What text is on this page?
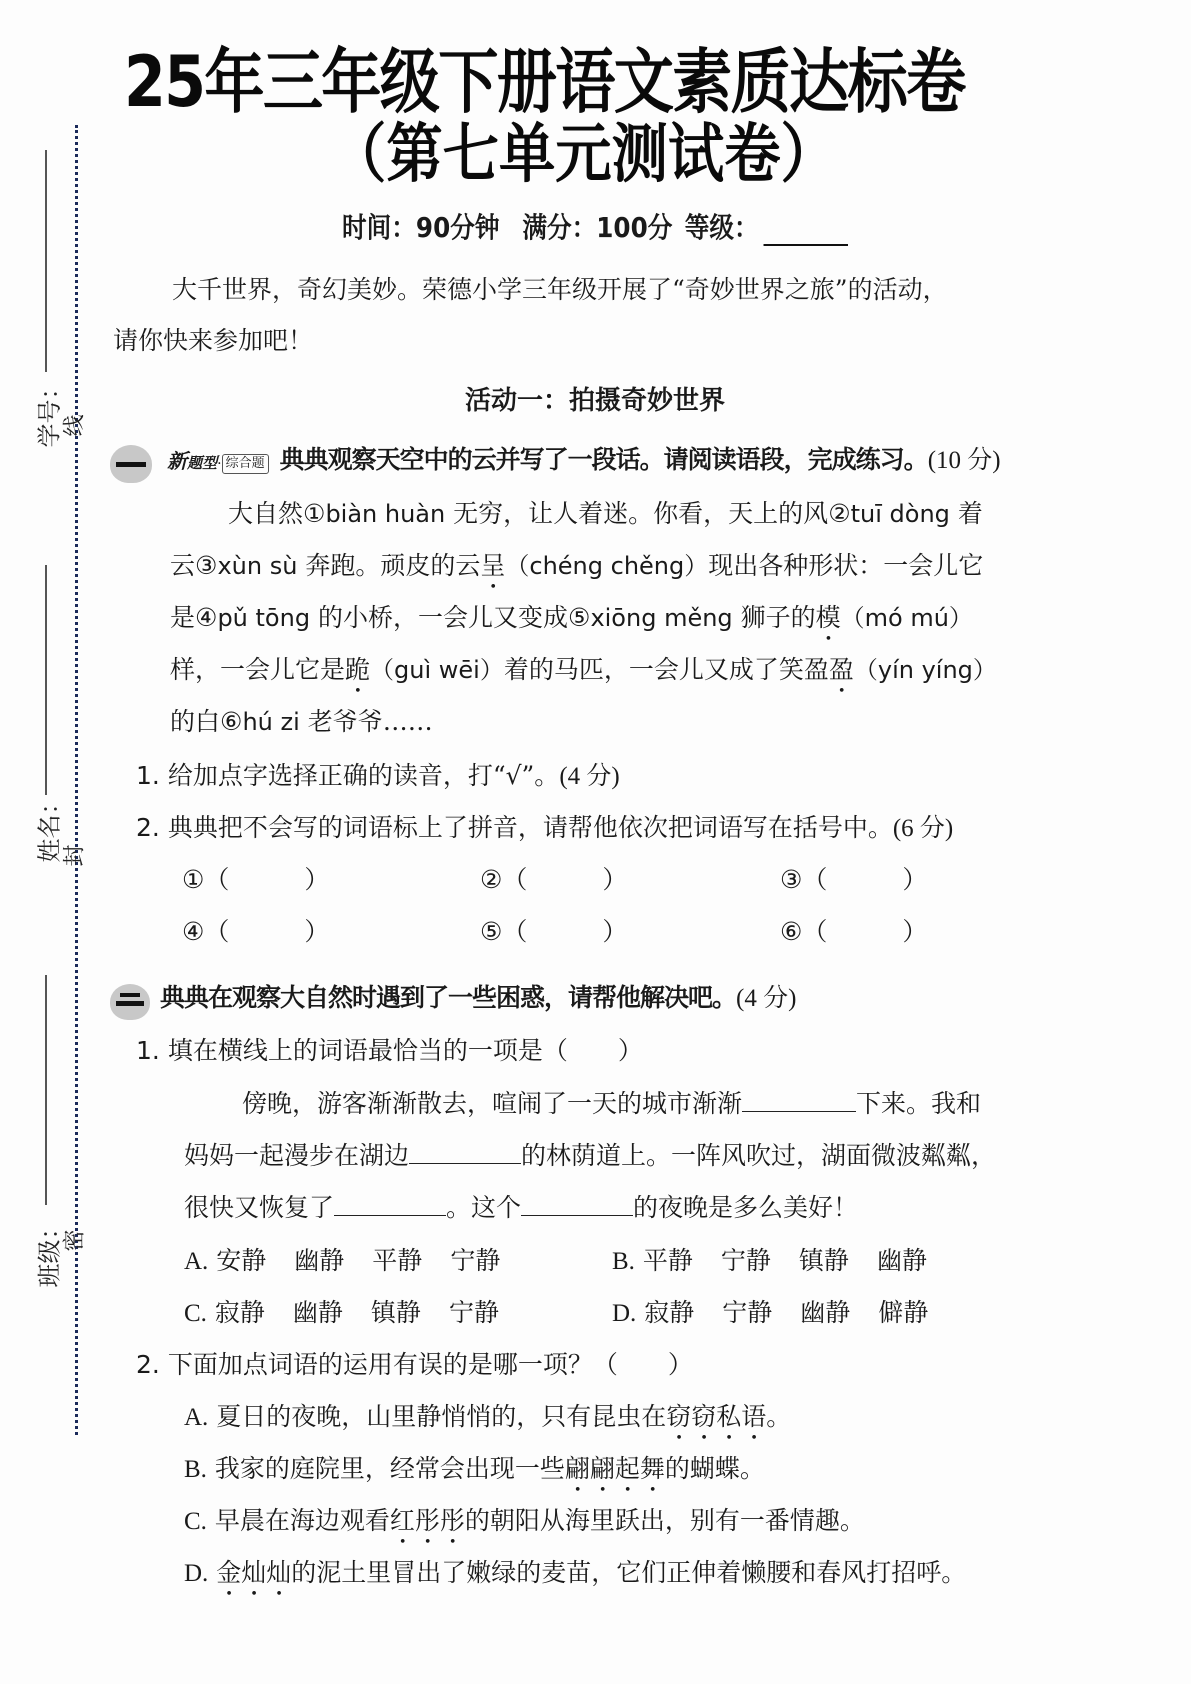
学号： 线
姓名： 封
班级： 密
25年三年级下册语文素质达标卷
（第七单元测试卷）
时间：90分钟 满分：100分 等级：
大千世界，奇幻美妙。荣德小学三年级开展了“奇妙世界之旅”的活动，
请你快来参加吧！
活动一：拍摄奇妙世界
新题型· 综合题 典典观察天空中的云并写了一段话。请阅读语段，完成练习。(10 分)
大自然①biàn huàn 无穷，让人着迷。你看，天上的风②tuī dòng 着
云③xùn sù 奔跑。顽皮的云呈（chéng chěng）现出各种形状：一会儿它
是④pǔ tōng 的小桥，一会儿又变成⑤xiōng měng 狮子的模（mó mú）
样，一会儿它是跪（guì wēi）着的马匹，一会儿又成了笑盈盈（yín yíng）
的白⑥hú zi 老爷爷……
1. 给加点字选择正确的读音，打“√”。(4 分)
2. 典典把不会写的词语标上了拼音，请帮他依次把词语写在括号中。(6 分)
①（　　　）	②（　　　）	③（　　　）
④（　　　）	⑤（　　　）	⑥（　　　）
典典在观察大自然时遇到了一些困惑，请帮他解决吧。(4 分)
1. 填在横线上的词语最恰当的一项是（　　）
傍晚，游客渐渐散去，喧闹了一天的城市渐渐	下来。我和
妈妈一起漫步在湖边	的林荫道上。一阵风吹过，湖面微波粼粼，
很快又恢复了	。这个	的夜晚是多么美好！
A. 安静 幽静 平静 宁静	B. 平静 宁静 镇静 幽静
C. 寂静 幽静 镇静 宁静	D. 寂静 宁静 幽静 僻静
2. 下面加点词语的运用有误的是哪一项？（　　）
A. 夏日的夜晚，山里静悄悄的，只有昆虫在窃窃私语。
B. 我家的庭院里，经常会出现一些翩翩起舞的蝴蝶。
C. 早晨在海边观看红彤彤的朝阳从海里跃出，别有一番情趣。
D. 金灿灿的泥土里冒出了嫩绿的麦苗，它们正伸着懒腰和春风打招呼。
